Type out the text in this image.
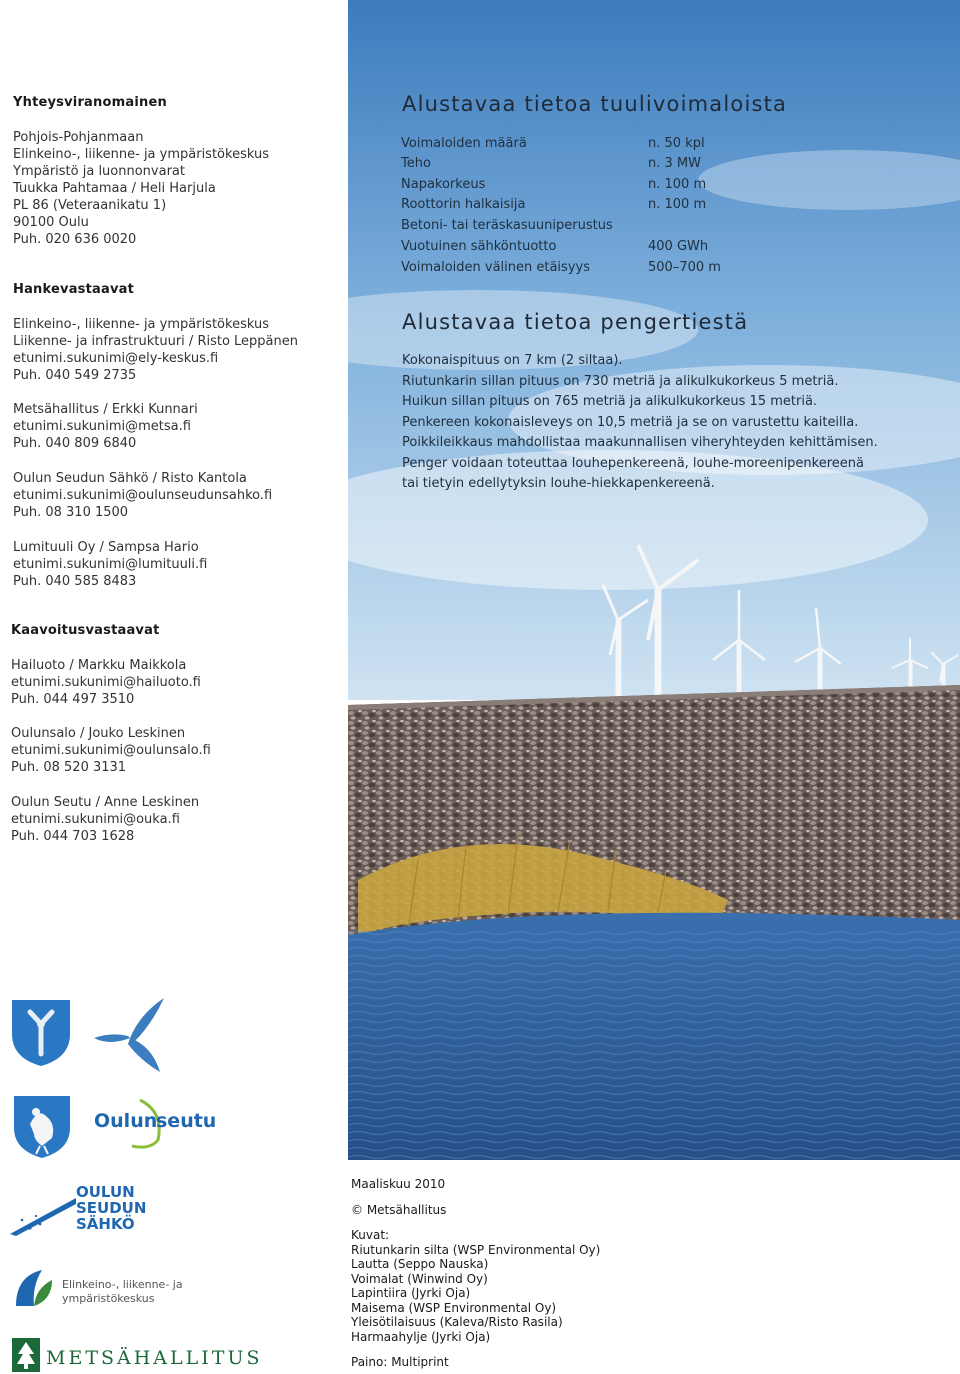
Yhteysviranomainen
Pohjois-Pohjanmaan
Elinkeino-, liikenne- ja ympäristökeskus
Ympäristö ja luonnonvarat
Tuukka Pahtamaa / Heli Harjula
PL 86 (Veteraanikatu 1)
90100 Oulu
Puh. 020 636 0020
Hankevastaavat
Elinkeino-, liikenne- ja ympäristökeskus
Liikenne- ja infrastruktuuri / Risto Leppänen
etunimi.sukunimi@ely-keskus.fi
Puh. 040 549 2735
Metsähallitus / Erkki Kunnari
etunimi.sukunimi@metsa.fi
Puh. 040 809 6840
Oulun Seudun Sähkö / Risto Kantola
etunimi.sukunimi@oulunseudunsahko.fi
Puh. 08 310 1500
Lumituuli Oy / Sampsa Hario
etunimi.sukunimi@lumituuli.fi
Puh. 040 585 8483
Kaavoitusvastaavat
Hailuoto / Markku Maikkola
etunimi.sukunimi@hailuoto.fi
Puh. 044 497 3510
Oulunsalo / Jouko Leskinen
etunimi.sukunimi@oulunsalo.fi
Puh. 08 520 3131
Oulun Seutu / Anne Leskinen
etunimi.sukunimi@ouka.fi
Puh. 044 703 1628
Alustavaa tietoa tuulivoimaloista
Voimaloiden määrä	n. 50 kpl
Teho	n. 3 MW
Napakorkeus	n. 100 m
Roottorin halkaisija	n. 100 m
Betoni- tai teräskasuuniperustus
Vuotuinen sähköntuotto	400 GWh
Voimaloiden välinen etäisyys	500–700 m
Alustavaa tietoa pengertiestä
Kokonaispituus on 7 km (2 siltaa).
Riutunkarin sillan pituus on 730 metriä ja alikulkukorkeus 5 metriä.
Huikun sillan pituus on 765 metriä ja alikulkukorkeus 15 metriä.
Penkereen kokonaisleveys on 10,5 metriä ja se on varustettu kaiteilla.
Poikkileikkaus mahdollistaa maakunnallisen viheryhteyden kehittämisen.
Penger voidaan toteuttaa louhepenkereenä, louhe-moreenipenkereenä
tai tietyin edellytyksin louhe-hiekkapenkereenä.
Oulun
seutu
OULUN
SEUDUN
SÄHKÖ
Elinkeino-, liikenne- ja
ympäristökeskus
METSÄHALLITUS
Maaliskuu 2010
© Metsähallitus
Kuvat:
Riutunkarin silta (WSP Environmental Oy)
Lautta (Seppo Nauska)
Voimalat (Winwind Oy)
Lapintiira (Jyrki Oja)
Maisema (WSP Environmental Oy)
Yleisötilaisuus (Kaleva/Risto Rasila)
Harmaahylje (Jyrki Oja)
Paino: Multiprint
